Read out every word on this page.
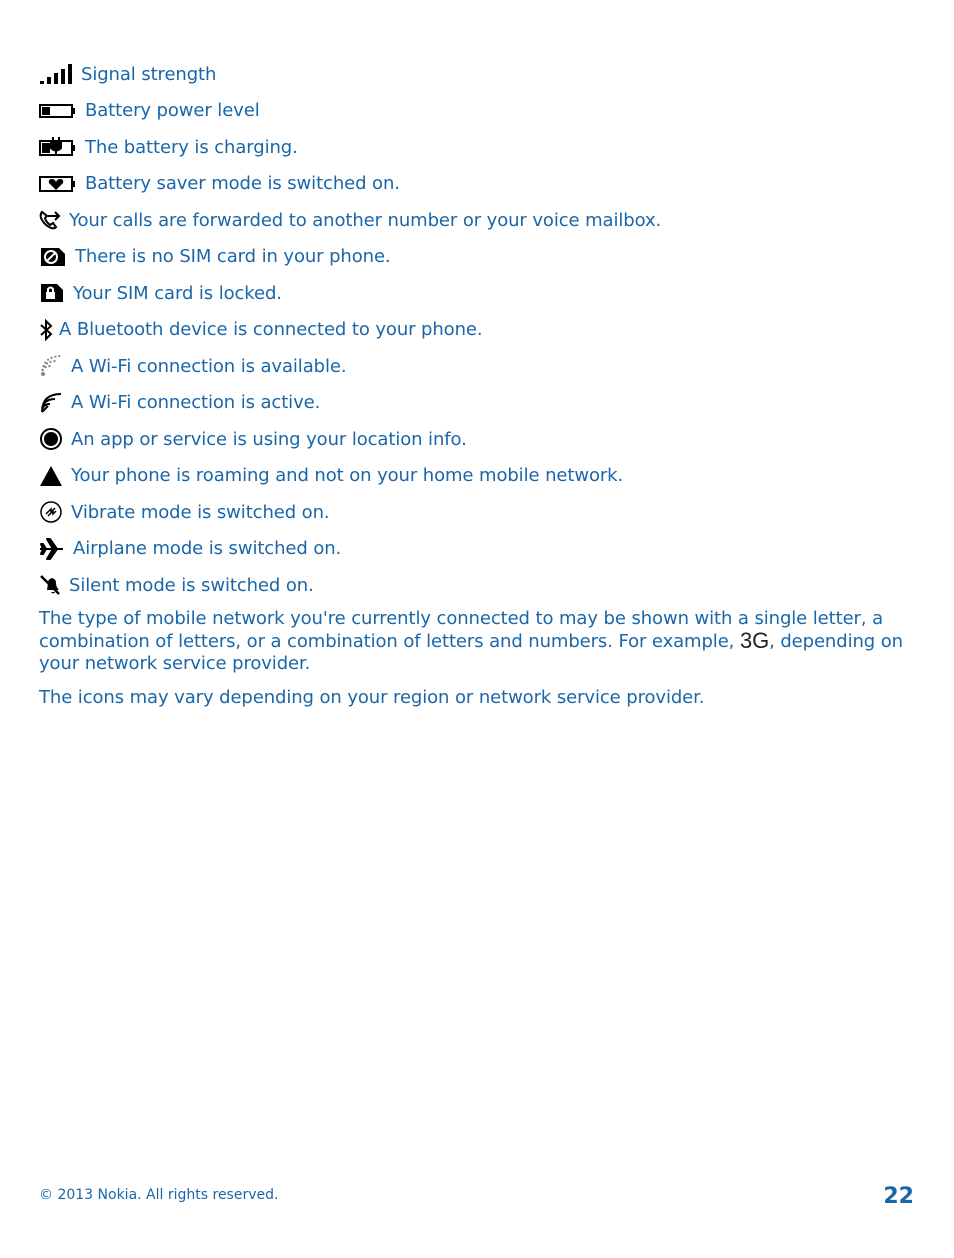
Signal strength
Battery power level
The battery is charging.
Battery saver mode is switched on.
Your calls are forwarded to another number or your voice mailbox.
There is no SIM card in your phone.
Your SIM card is locked.
A Bluetooth device is connected to your phone.
A Wi-Fi connection is available.
A Wi-Fi connection is active.
An app or service is using your location info.
Your phone is roaming and not on your home mobile network.
Vibrate mode is switched on.
Airplane mode is switched on.
Silent mode is switched on.
The type of mobile network you're currently connected to may be shown with a single letter, a combination of letters, or a combination of letters and numbers. For example, 3G, depending on your network service provider.
The icons may vary depending on your region or network service provider.
© 2013 Nokia. All rights reserved.	22
